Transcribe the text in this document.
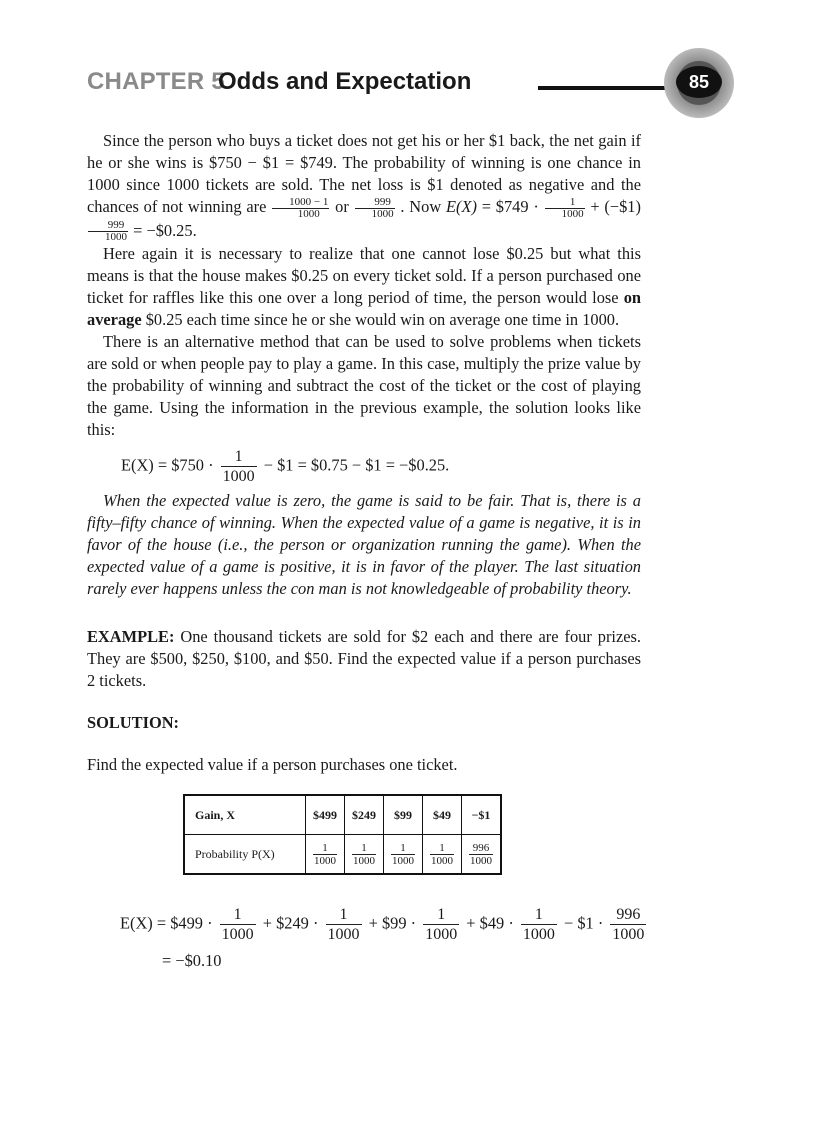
CHAPTER 5
Odds and Expectation	85

Since the person who buys a ticket does not get his or her $1 back, the net gain if he or she wins is $750 − $1 = $749. The probability of winning is one chance in 1000 since 1000 tickets are sold. The net loss is $1 denoted as negative and the chances of not winning are $\frac{1000 - 1}{1000}$ or $\frac{999}{1000}$ . Now E(X) = $749 · $\frac{1}{1000}$ + (−$1)
$\frac{999}{1000}$ = −$0.25.

Here again it is necessary to realize that one cannot lose $0.25 but what this means is that the house makes $0.25 on every ticket sold. If a person purchased one ticket for raffles like this one over a long period of time, the person would lose on average $0.25 each time since he or she would win on average one time in 1000.

There is an alternative method that can be used to solve problems when tickets are sold or when people pay to play a game. In this case, multiply the prize value by the probability of winning and subtract the cost of the ticket or the cost of playing the game. Using the information in the previous example, the solution looks like this:

E(X) = $750 · $\frac{1}{1000}$ − $1 = $0.75 − $1 = −$0.25.

When the expected value is zero, the game is said to be fair. That is, there is a fifty–fifty chance of winning. When the expected value of a game is negative, it is in favor of the house (i.e., the person or organization running the game). When the expected value of a game is positive, it is in favor of the player. The last situation rarely ever happens unless the con man is not knowledgeable of probability theory.

EXAMPLE: One thousand tickets are sold for $2 each and there are four prizes. They are $500, $250, $100, and $50. Find the expected value if a person purchases 2 tickets.

SOLUTION:

Find the expected value if a person purchases one ticket.

Gain, X	$499	$249	$99	$49	−$1
Probability P(X)	$\frac{1}{1000}$	$\frac{1}{1000}$	$\frac{1}{1000}$	$\frac{1}{1000}$	$\frac{996}{1000}$
E(X) = $499 · $\frac{1}{1000}$ + $249 · $\frac{1}{1000}$ + $99 · $\frac{1}{1000}$ + $49 · $\frac{1}{1000}$ − $1 · $\frac{996}{1000}$
= −$0.10
